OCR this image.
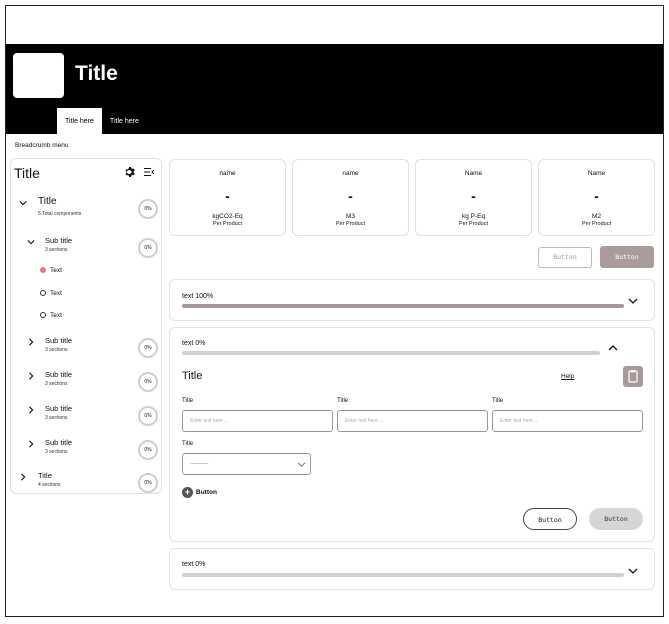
Title
Title here	Title here
Breadcrumb menu
Title
Title
5 Total components
0%
Sub title
3 sections	0%
Text
Text
Text
Sub title
3 sections	0%
Sub title
3 sections	0%
Sub title
3 sections	0%
Sub title
3 sections	0%
Title
4 sections	0%
name
-
kgCO2-Eq
Per Product
name
-
M3
Per Product
Name
-
kg P-Eq
Per Product
Name
-
M2
Per Product
Button	Button
text 100%
text 0%
Title	Help
Title	Title	Title
Enter text here ...	Enter text here ...	Enter text here ...
Title
--------------------------
+ Button
Button	Button
text 0%
